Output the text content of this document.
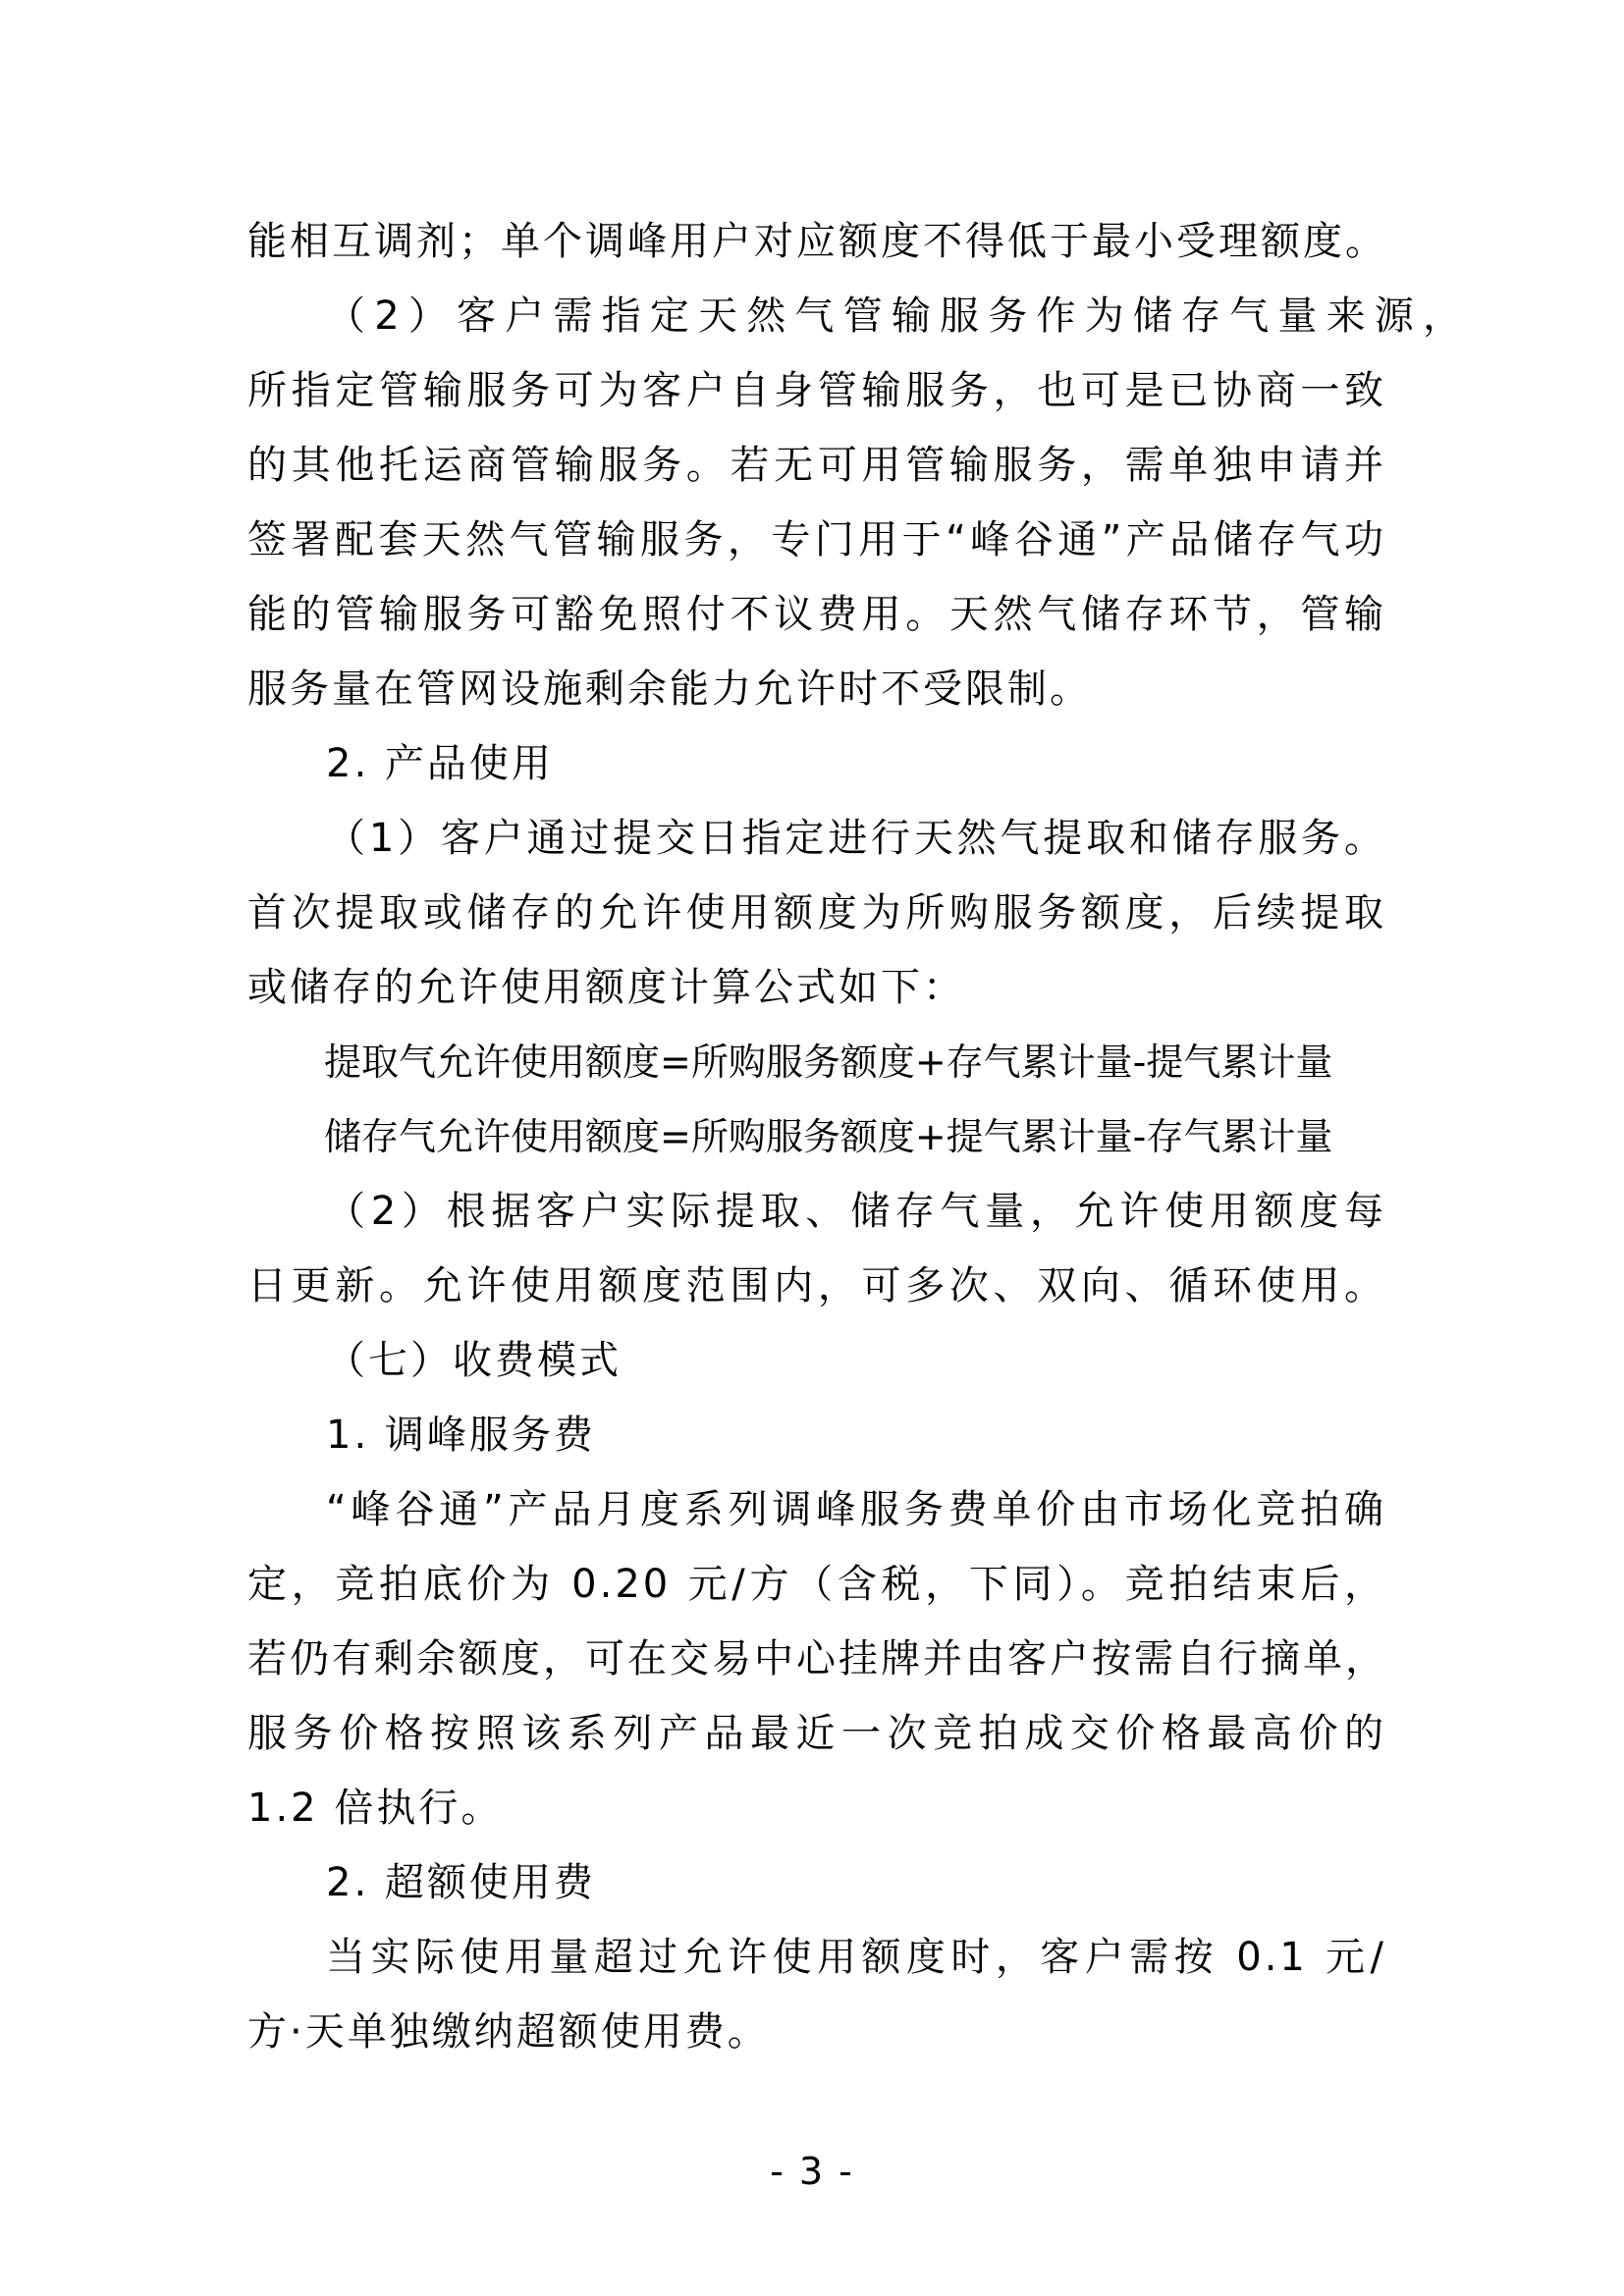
能相互调剂；单个调峰用户对应额度不得低于最小受理额度。
（2）客户需指定天然气管输服务作为储存气量来源，
所指定管输服务可为客户自身管输服务，也可是已协商一致
的其他托运商管输服务。若无可用管输服务，需单独申请并
签署配套天然气管输服务，专门用于“峰谷通”产品储存气功
能的管输服务可豁免照付不议费用。天然气储存环节，管输
服务量在管网设施剩余能力允许时不受限制。
2. 产品使用
（1）客户通过提交日指定进行天然气提取和储存服务。
首次提取或储存的允许使用额度为所购服务额度，后续提取
或储存的允许使用额度计算公式如下：
提取气允许使用额度=所购服务额度+存气累计量-提气累计量
储存气允许使用额度=所购服务额度+提气累计量-存气累计量
（2）根据客户实际提取、储存气量，允许使用额度每
日更新。允许使用额度范围内，可多次、双向、循环使用。
（七）收费模式
1. 调峰服务费
“峰谷通”产品月度系列调峰服务费单价由市场化竞拍确
定，竞拍底价为 0.20 元/方（含税，下同）。竞拍结束后，
若仍有剩余额度，可在交易中心挂牌并由客户按需自行摘单，
服务价格按照该系列产品最近一次竞拍成交价格最高价的
1.2 倍执行。
2. 超额使用费
当实际使用量超过允许使用额度时，客户需按 0.1 元/
方·天单独缴纳超额使用费。
- 3 -
